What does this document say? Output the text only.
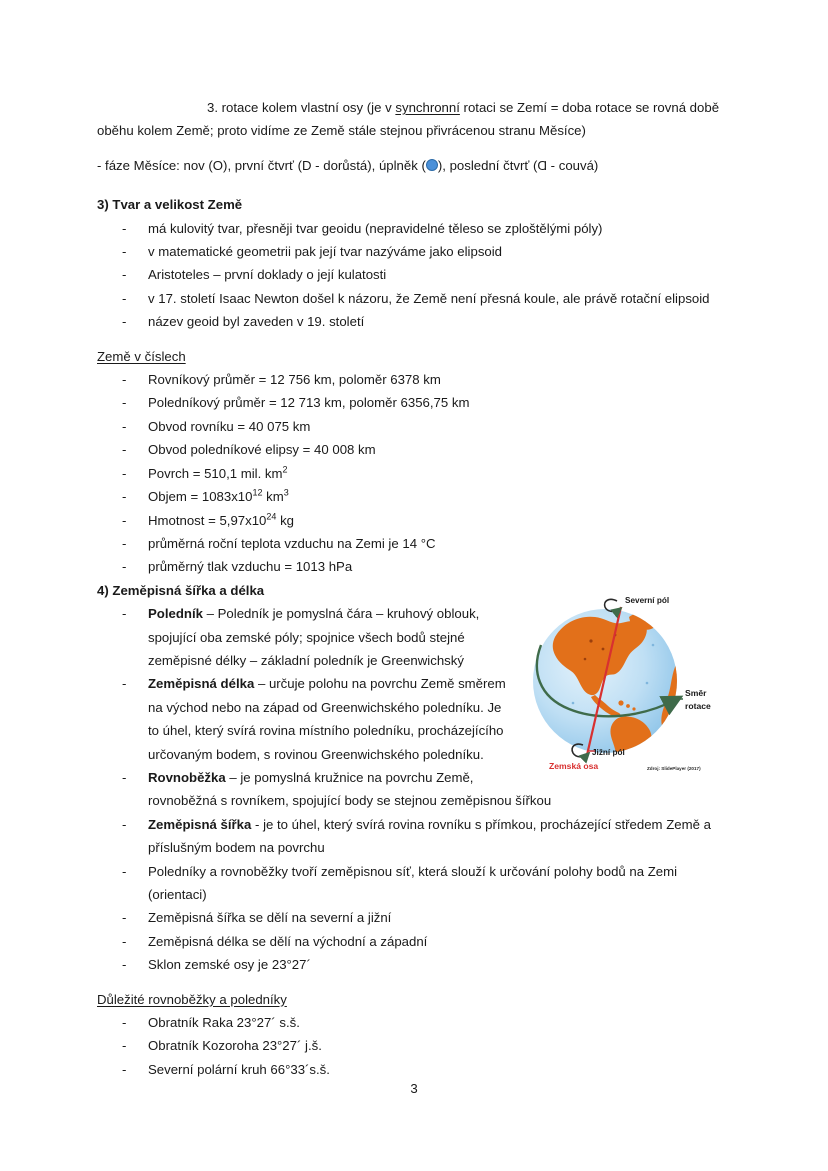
3. rotace kolem vlastní osy (je v synchronní rotaci se Zemí = doba rotace se rovná době oběhu kolem Země; proto vidíme ze Země stále stejnou přivrácenou stranu Měsíce)

- fáze Měsíce: nov (O), první čtvrť (D - dorůstá), úplněk ( ), poslední čtvrť (Ɑ - couvá)

3) Tvar a velikost Země
- má kulovitý tvar, přesněji tvar geoidu (nepravidelné těleso se zploštělými póly)
- v matematické geometrii pak její tvar nazýváme jako elipsoid
- Aristoteles – první doklady o její kulatosti
- v 17. století Isaac Newton došel k názoru, že Země není přesná koule, ale právě rotační elipsoid
- název geoid byl zaveden v 19. století
Země v číslech
- Rovníkový průměr = 12 756 km, poloměr 6378 km
- Poledníkový průměr = 12 713 km, poloměr 6356,75 km
- Obvod rovníku = 40 075 km
- Obvod poledníkové elipsy = 40 008 km
- Povrch = 510,1 mil. $km^2$
- Objem = $1083x10^{12}$ $km^3$
- Hmotnost = $5,97x10^{24}$ kg
- průměrná roční teplota vzduchu na Zemi je 14 °C
- průměrný tlak vzduchu = 1013 hPa
Severní pól
Jižní pól
Směr
rotace
Zemská osa	Zdroj: SlidePlayer (2017)
4) Zeměpisná šířka a délka
- Poledník – Poledník je pomyslná čára – kruhový oblouk, spojující oba zemské póly; spojnice všech bodů stejné zeměpisné délky – základní poledník je Greenwichský
- Zeměpisná délka – určuje polohu na povrchu Země směrem na východ nebo na západ od Greenwichského poledníku. Je to úhel, který svírá rovina místního poledníku, procházejícího určovaným bodem, s rovinou Greenwichského poledníku.
- Rovnoběžka – je pomyslná kružnice na povrchu Země, rovnoběžná s rovníkem, spojující body se stejnou zeměpisnou šířkou
- Zeměpisná šířka - je to úhel, který svírá rovina rovníku s přímkou, procházející středem Země a příslušným bodem na povrchu
- Poledníky a rovnoběžky tvoří zeměpisnou síť, která slouží k určování polohy bodů na Zemi (orientaci)
- Zeměpisná šířka se dělí na severní a jižní
- Zeměpisná délka se dělí na východní a západní
- Sklon zemské osy je 23°27´
Důležité rovnoběžky a poledníky
- Obratník Raka 23°27´ s.š.
- Obratník Kozoroha 23°27´ j.š.
- Severní polární kruh 66°33´s.š.
3
